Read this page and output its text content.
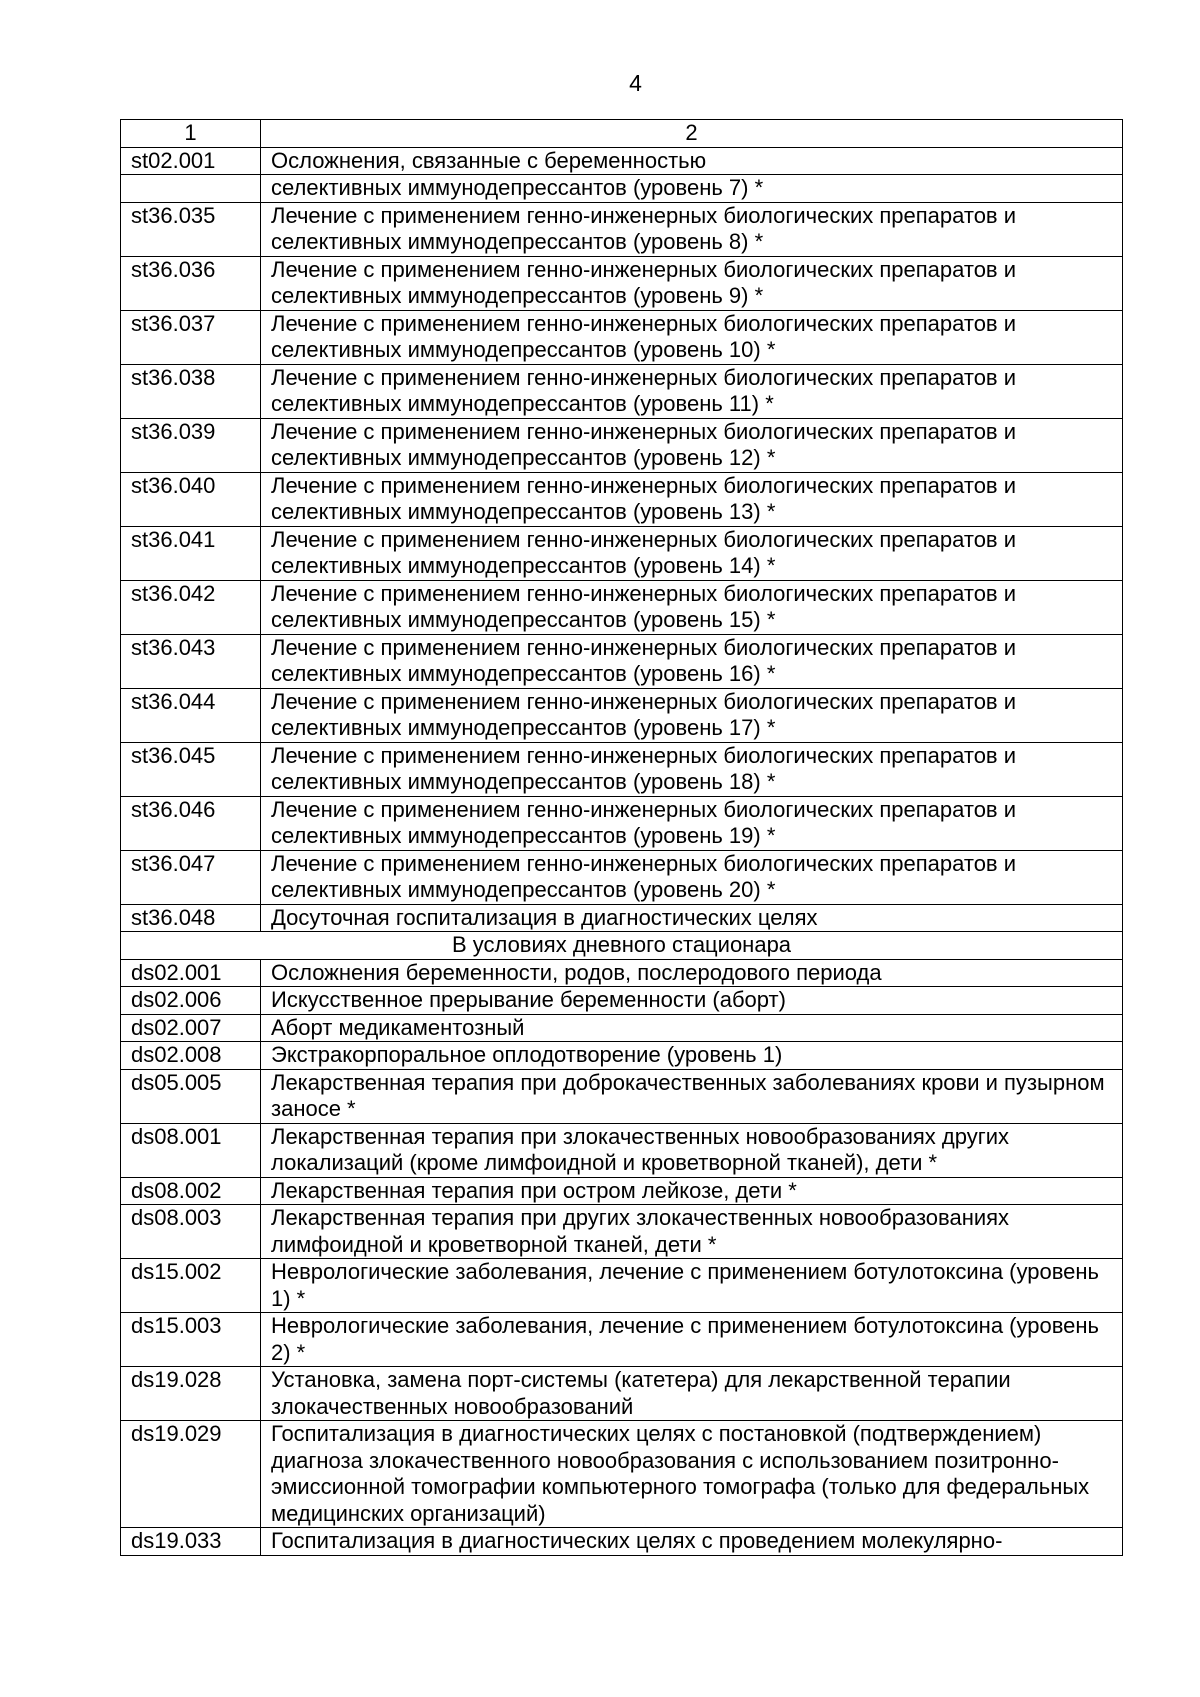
4
1	2
st02.001	Осложнения, связанные с беременностью
	селективных иммунодепрессантов (уровень 7) *
st36.035	Лечение с применением генно-инженерных биологических препаратов и селективных иммунодепрессантов (уровень 8) *
st36.036	Лечение с применением генно-инженерных биологических препаратов и селективных иммунодепрессантов (уровень 9) *
st36.037	Лечение с применением генно-инженерных биологических препаратов и селективных иммунодепрессантов (уровень 10) *
st36.038	Лечение с применением генно-инженерных биологических препаратов и селективных иммунодепрессантов (уровень 11) *
st36.039	Лечение с применением генно-инженерных биологических препаратов и селективных иммунодепрессантов (уровень 12) *
st36.040	Лечение с применением генно-инженерных биологических препаратов и селективных иммунодепрессантов (уровень 13) *
st36.041	Лечение с применением генно-инженерных биологических препаратов и селективных иммунодепрессантов (уровень 14) *
st36.042	Лечение с применением генно-инженерных биологических препаратов и селективных иммунодепрессантов (уровень 15) *
st36.043	Лечение с применением генно-инженерных биологических препаратов и селективных иммунодепрессантов (уровень 16) *
st36.044	Лечение с применением генно-инженерных биологических препаратов и селективных иммунодепрессантов (уровень 17) *
st36.045	Лечение с применением генно-инженерных биологических препаратов и селективных иммунодепрессантов (уровень 18) *
st36.046	Лечение с применением генно-инженерных биологических препаратов и селективных иммунодепрессантов (уровень 19) *
st36.047	Лечение с применением генно-инженерных биологических препаратов и селективных иммунодепрессантов (уровень 20) *
st36.048	Досуточная госпитализация в диагностических целях
В условиях дневного стационара	
ds02.001	Осложнения беременности, родов, послеродового периода
ds02.006	Искусственное прерывание беременности (аборт)
ds02.007	Аборт медикаментозный
ds02.008	Экстракорпоральное оплодотворение (уровень 1)
ds05.005	Лекарственная терапия при доброкачественных заболеваниях крови и пузырном заносе *
ds08.001	Лекарственная терапия при злокачественных новообразованиях других локализаций (кроме лимфоидной и кроветворной тканей), дети *
ds08.002	Лекарственная терапия при остром лейкозе, дети *
ds08.003	Лекарственная терапия при других злокачественных новообразованиях лимфоидной и кроветворной тканей, дети *
ds15.002	Неврологические заболевания, лечение с применением ботулотоксина (уровень 1) *
ds15.003	Неврологические заболевания, лечение с применением ботулотоксина (уровень 2) *
ds19.028	Установка, замена порт-системы (катетера) для лекарственной терапии злокачественных новообразований
ds19.029	Госпитализация в диагностических целях с постановкой (подтверждением) диагноза злокачественного новообразования с использованием позитронно-эмиссионной томографии компьютерного томографа (только для федеральных медицинских организаций)
ds19.033	Госпитализация в диагностических целях с проведением молекулярно-
